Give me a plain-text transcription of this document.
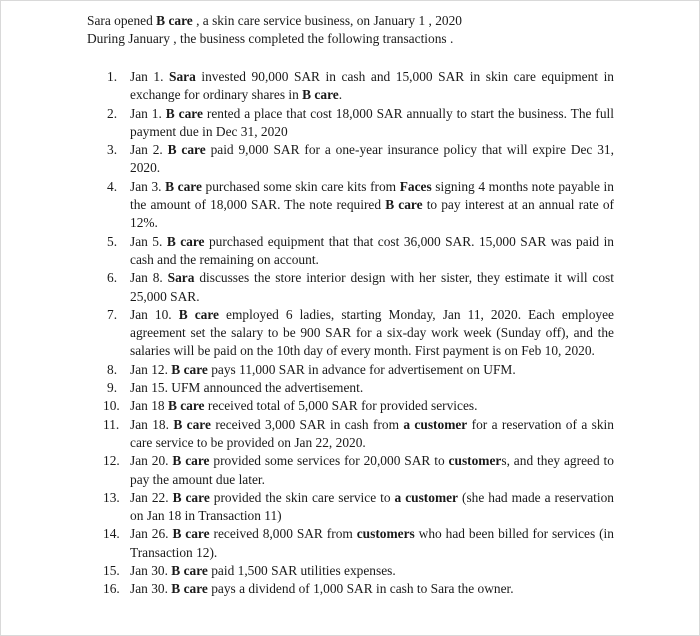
Sara opened B care , a skin care service business, on January 1 , 2020

During January , the business completed the following transactions .

1. Jan 1. Sara invested 90,000 SAR in cash and 15,000 SAR in skin care equipment in exchange for ordinary shares in B care.
2. Jan 1. B care rented a place that cost 18,000 SAR annually to start the business. The full payment due in Dec 31, 2020
3. Jan 2. B care paid 9,000 SAR for a one-year insurance policy that will expire Dec 31, 2020.
4. Jan 3. B care purchased some skin care kits from Faces signing 4 months note payable in the amount of 18,000 SAR. The note required B care to pay interest at an annual rate of 12%.
5. Jan 5. B care purchased equipment that that cost 36,000 SAR. 15,000 SAR was paid in cash and the remaining on account.
6. Jan 8. Sara discusses the store interior design with her sister, they estimate it will cost 25,000 SAR.
7. Jan 10. B care employed 6 ladies, starting Monday, Jan 11, 2020. Each employee agreement set the salary to be 900 SAR for a six-day work week (Sunday off), and the salaries will be paid on the 10th day of every month. First payment is on Feb 10, 2020.
8. Jan 12. B care pays 11,000 SAR in advance for advertisement on UFM.
9. Jan 15. UFM announced the advertisement.
10. Jan 18 B care received total of 5,000 SAR for provided services.
11. Jan 18. B care received 3,000 SAR in cash from a customer for a reservation of a skin care service to be provided on Jan 22, 2020.
12. Jan 20. B care provided some services for 20,000 SAR to customers, and they agreed to pay the amount due later.
13. Jan 22. B care provided the skin care service to a customer (she had made a reservation on Jan 18 in Transaction 11)
14. Jan 26. B care received 8,000 SAR from customers who had been billed for services (in Transaction 12).
15. Jan 30. B care paid 1,500 SAR utilities expenses.
16. Jan 30. B care pays a dividend of 1,000 SAR in cash to Sara the owner.
